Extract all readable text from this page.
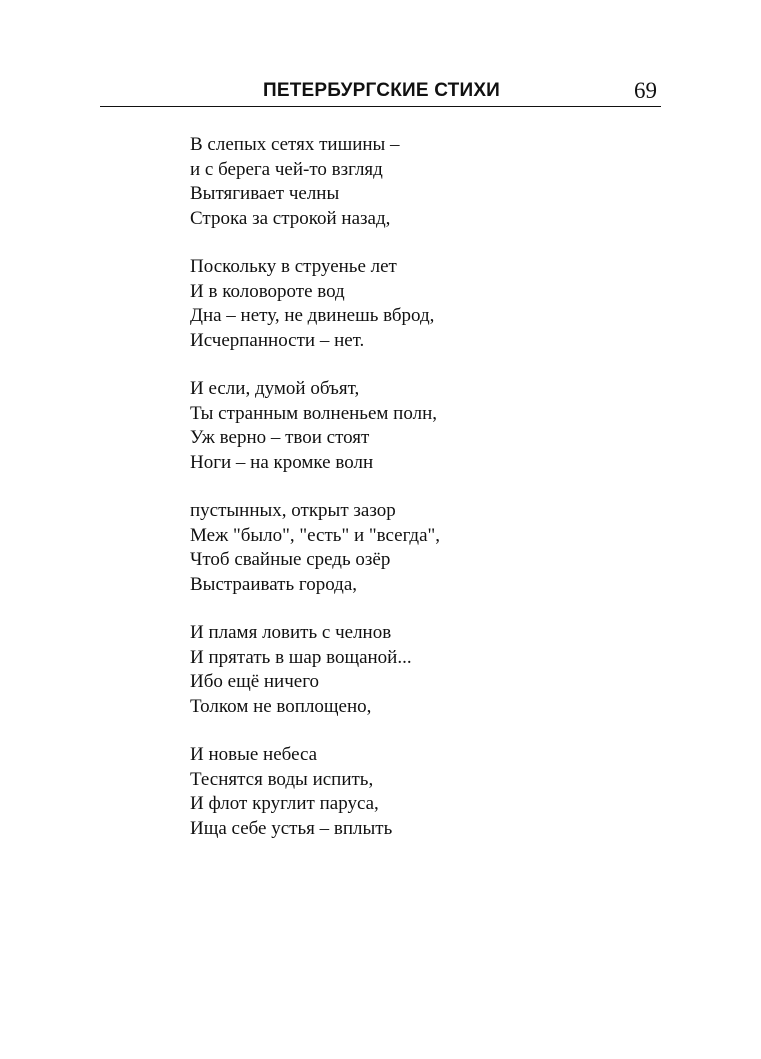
ПЕТЕРБУРГСКИЕ СТИХИ	69

В слепых сетях тишины –

и с берега чей-то взгляд

Вытягивает челны

Строка за строкой назад,

Поскольку в струенье лет

И в коловороте вод

Дна – нету, не двинешь вброд,

Исчерпанности – нет.

И если, думой объят,

Ты странным волненьем полн,

Уж верно – твои стоят

Ноги – на кромке волн

пустынных, открыт зазор

Меж "было", "есть" и "всегда",

Чтоб свайные средь озёр

Выстраивать города,

И пламя ловить с челнов

И прятать в шар вощаной...

Ибо ещё ничего

Толком не воплощено,

И новые небеса

Теснятся воды испить,

И флот круглит паруса,

Ища себе устья – вплыть
